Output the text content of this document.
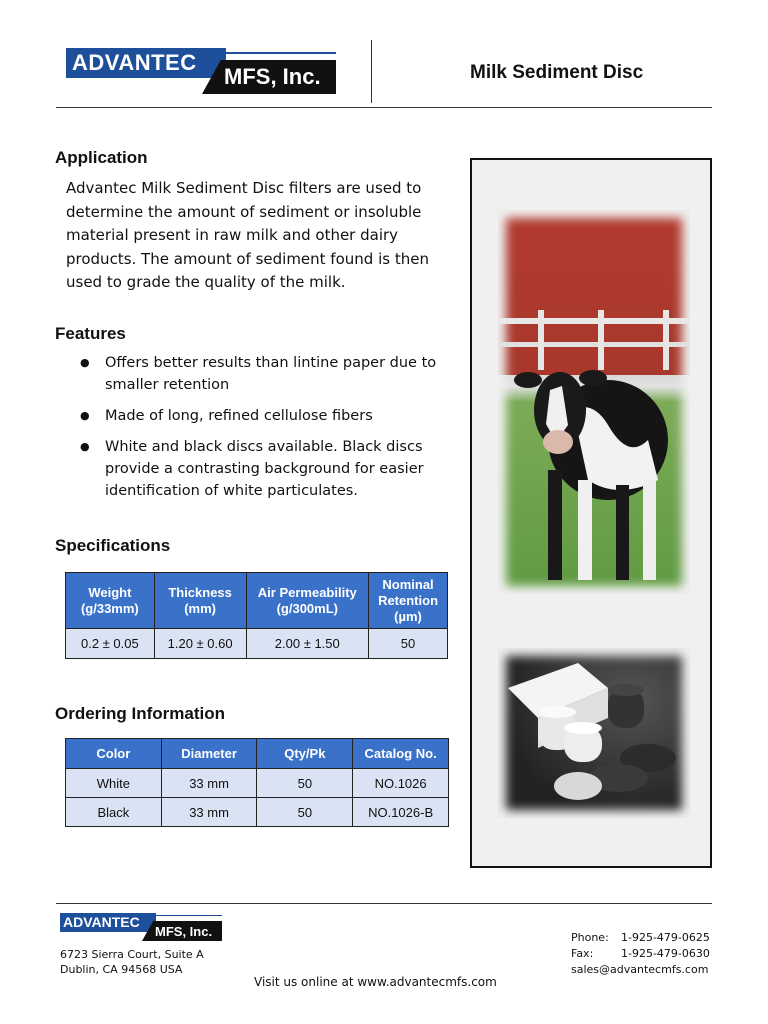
ADVANTEC
MFS, Inc.	Milk Sediment Disc
Application

Advantec Milk Sediment Disc filters are used to determine the amount of sediment or insoluble material present in raw milk and other dairy products. The amount of sediment found is then used to grade the quality of the milk.

Features
● Offers better results than lintine paper due to smaller retention
● Made of long, refined cellulose fibers
● White and black discs available. Black discs provide a contrasting background for easier identification of white particulates.
Specifications
Weight (g/33mm)	Thickness (mm)	Air Permeability (g/300mL)	Nominal Retention (µm)
0.2 ± 0.05	1.20 ± 0.60	2.00 ± 1.50	50
Ordering Information
Color	Diameter	Qty/Pk	Catalog No.
White	33 mm	50	NO.1026
Black	33 mm	50	NO.1026-B
ADVANTEC
MFS, Inc.
6723 Sierra Court, Suite A
Dublin, CA 94568 USA
Phone: 1-925-479-0625
Fax:	1-925-479-0630
sales@advantecmfs.com
Visit us online at www.advantecmfs.com
